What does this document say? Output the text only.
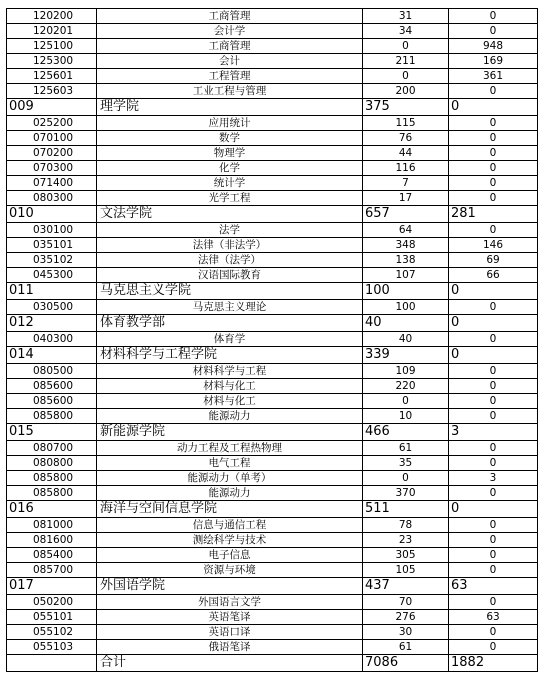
120200	工商管理	31	0
120201	会计学	34	0
125100	工商管理	0	948
125300	会计	211	169
125601	工程管理	0	361
125603	工业工程与管理	200	0
009	理学院	375	0
025200	应用统计	115	0
070100	数学	76	0
070200	物理学	44	0
070300	化学	116	0
071400	统计学	7	0
080300	光学工程	17	0
010	文法学院	657	281
030100	法学	64	0
035101	法律（非法学）	348	146
035102	法律（法学）	138	69
045300	汉语国际教育	107	66
011	马克思主义学院	100	0
030500	马克思主义理论	100	0
012	体育教学部	40	0
040300	体育学	40	0
014	材料科学与工程学院	339	0
080500	材料科学与工程	109	0
085600	材料与化工	220	0
085600	材料与化工	0	0
085800	能源动力	10	0
015	新能源学院	466	3
080700	动力工程及工程热物理	61	0
080800	电气工程	35	0
085800	能源动力（单考）	0	3
085800	能源动力	370	0
016	海洋与空间信息学院	511	0
081000	信息与通信工程	78	0
081600	测绘科学与技术	23	0
085400	电子信息	305	0
085700	资源与环境	105	0
017	外国语学院	437	63
050200	外国语言文学	70	0
055101	英语笔译	276	63
055102	英语口译	30	0
055103	俄语笔译	61	0
	合计	7086	1882
